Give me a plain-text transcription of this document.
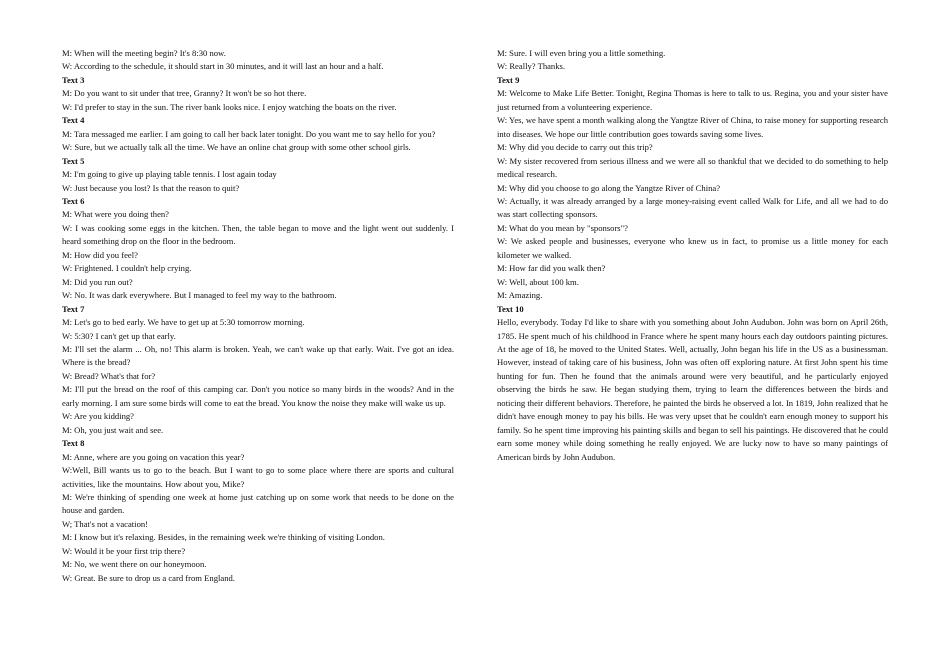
M: When will the meeting begin? It's 8:30 now.
W: According to the schedule, it should start in 30 minutes, and it will last an hour and a half.
Text 3
M: Do you want to sit under that tree, Granny? It won't be so hot there.
W: I'd prefer to stay in the sun. The river bank looks nice. I enjoy watching the boats on the river.
Text 4
M: Tara messaged me earlier. I am going to call her back later tonight. Do you want me to say hello for you?
W: Sure, but we actually talk all the time. We have an online chat group with some other school girls.
Text 5
M: I'm going to give up playing table tennis. I lost again today
W: Just because you lost? Is that the reason to quit?
Text 6
M: What were you doing then?
W: I was cooking some eggs in the kitchen. Then, the table began to move and the light went out suddenly. I heard something drop on the floor in the bedroom.
M: How did you feel?
W: Frightened. I couldn't help crying.
M: Did you run out?
W: No. It was dark everywhere. But I managed to feel my way to the bathroom.
Text 7
M: Let's go to bed early. We have to get up at 5:30 tomorrow morning.
W: 5:30? I can't get up that early.
M: I'll set the alarm ... Oh, no! This alarm is broken. Yeah, we can't wake up that early. Wait. I've got an idea. Where is the bread?
W: Bread? What's that for?
M: I'll put the bread on the roof of this camping car. Don't you notice so many birds in the woods? And in the early morning. I am sure some birds will come to eat the bread. You know the noise they make will wake us up.
W: Are you kidding?
M: Oh, you just wait and see.
Text 8
M: Anne, where are you going on vacation this year?
W:Well, Bill wants us to go to the beach. But I want to go to some place where there are sports and cultural activities, like the mountains. How about you, Mike?
M: We're thinking of spending one week at home just catching up on some work that needs to be done on the house and garden.
W; That's not a vacation!
M: I know but it's relaxing. Besides, in the remaining week we're thinking of visiting London.
W: Would it be your first trip there?
M: No, we went there on our honeymoon.
W: Great. Be sure to drop us a card from England.
M: Sure. I will even bring you a little something.
W: Really? Thanks.
Text 9
M: Welcome to Make Life Better. Tonight, Regina Thomas is here to talk to us. Regina, you and your sister have just returned from a volunteering experience.
W: Yes, we have spent a month walking along the Yangtze River of China, to raise money for supporting research into diseases. We hope our little contribution goes towards saving some lives.
M: Why did you decide to carry out this trip?
W: My sister recovered from serious illness and we were all so thankful that we decided to do something to help medical research.
M: Why did you choose to go along the Yangtze River of China?
W: Actually, it was already arranged by a large money-raising event called Walk for Life, and all we had to do was start collecting sponsors.
M: What do you mean by "sponsors"?
W: We asked people and businesses, everyone who knew us in fact, to promise us a little money for each kilometer we walked.
M: How far did you walk then?
W: Well, about 100 km.
M: Amazing.
Text 10
Hello, everybody. Today I'd like to share with you something about John Audubon. John was born on April 26th, 1785. He spent much of his childhood in France where he spent many hours each day outdoors painting pictures. At the age of 18, he moved to the United States. Well, actually, John began his life in the US as a businessman. However, instead of taking care of his business, John was often off exploring nature. At first John spent his time hunting for fun. Then he found that the animals around were very beautiful, and he particularly enjoyed observing the birds he saw. He began studying them, trying to learn the differences between the birds and noticing their different behaviors. Therefore, he painted the birds he observed a lot. In 1819, John realized that he didn't have enough money to pay his bills. He was very upset that he couldn't earn enough money to support his family. So he spent time improving his painting skills and began to sell his paintings. He discovered that he could earn some money while doing something he really enjoyed. We are lucky now to have so many paintings of American birds by John Audubon.
